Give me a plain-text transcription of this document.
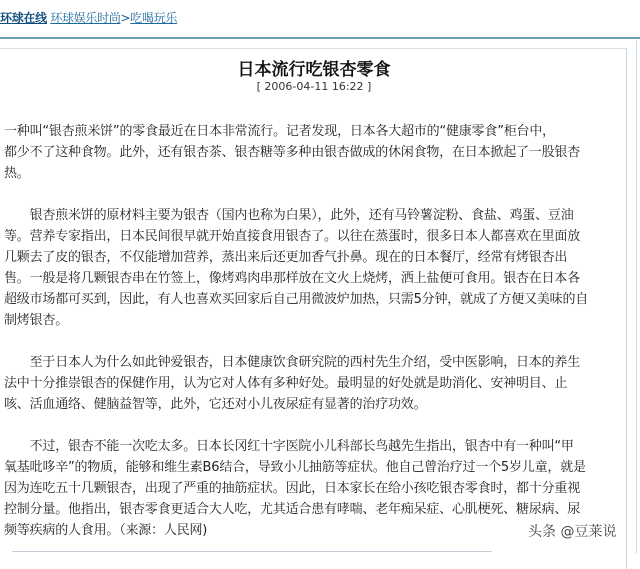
环球在线 环球娱乐时尚>吃喝玩乐
日本流行吃银杏零食
[ 2006-04-11 16:22 ]

一种叫“银杏煎米饼”的零食最近在日本非常流行。记者发现，日本各大超市的“健康零食”柜台中，
都少不了这种食物。此外，还有银杏茶、银杏糖等多种由银杏做成的休闲食物，在日本掀起了一股银杏
热。

　　银杏煎米饼的原材料主要为银杏（国内也称为白果），此外，还有马铃薯淀粉、食盐、鸡蛋、豆油
等。营养专家指出，日本民间很早就开始直接食用银杏了。以往在蒸蛋时，很多日本人都喜欢在里面放
几颗去了皮的银杏，不仅能增加营养，蒸出来后还更加香气扑鼻。现在的日本餐厅，经常有烤银杏出
售。一般是将几颗银杏串在竹签上，像烤鸡肉串那样放在文火上烧烤，洒上盐便可食用。银杏在日本各
超级市场都可买到，因此，有人也喜欢买回家后自己用微波炉加热，只需5分钟，就成了方便又美味的自
制烤银杏。

　　至于日本人为什么如此钟爱银杏，日本健康饮食研究院的西村先生介绍，受中医影响，日本的养生
法中十分推崇银杏的保健作用，认为它对人体有多种好处。最明显的好处就是助消化、安神明目、止
咳、活血通络、健脑益智等，此外，它还对小儿夜尿症有显著的治疗功效。

　　不过，银杏不能一次吃太多。日本长冈红十字医院小儿科部长鸟越先生指出，银杏中有一种叫“甲
氧基吡哆辛”的物质，能够和维生素B6结合，导致小儿抽筋等症状。他自己曾治疗过一个5岁儿童，就是
因为连吃五十几颗银杏，出现了严重的抽筋症状。因此，日本家长在给小孩吃银杏零食时，都十分重视
控制分量。他指出，银杏零食更适合大人吃，尤其适合患有哮喘、老年痴呆症、心肌梗死、糖尿病、尿
频等疾病的人食用。（来源：人民网)	头条 @豆莱说
